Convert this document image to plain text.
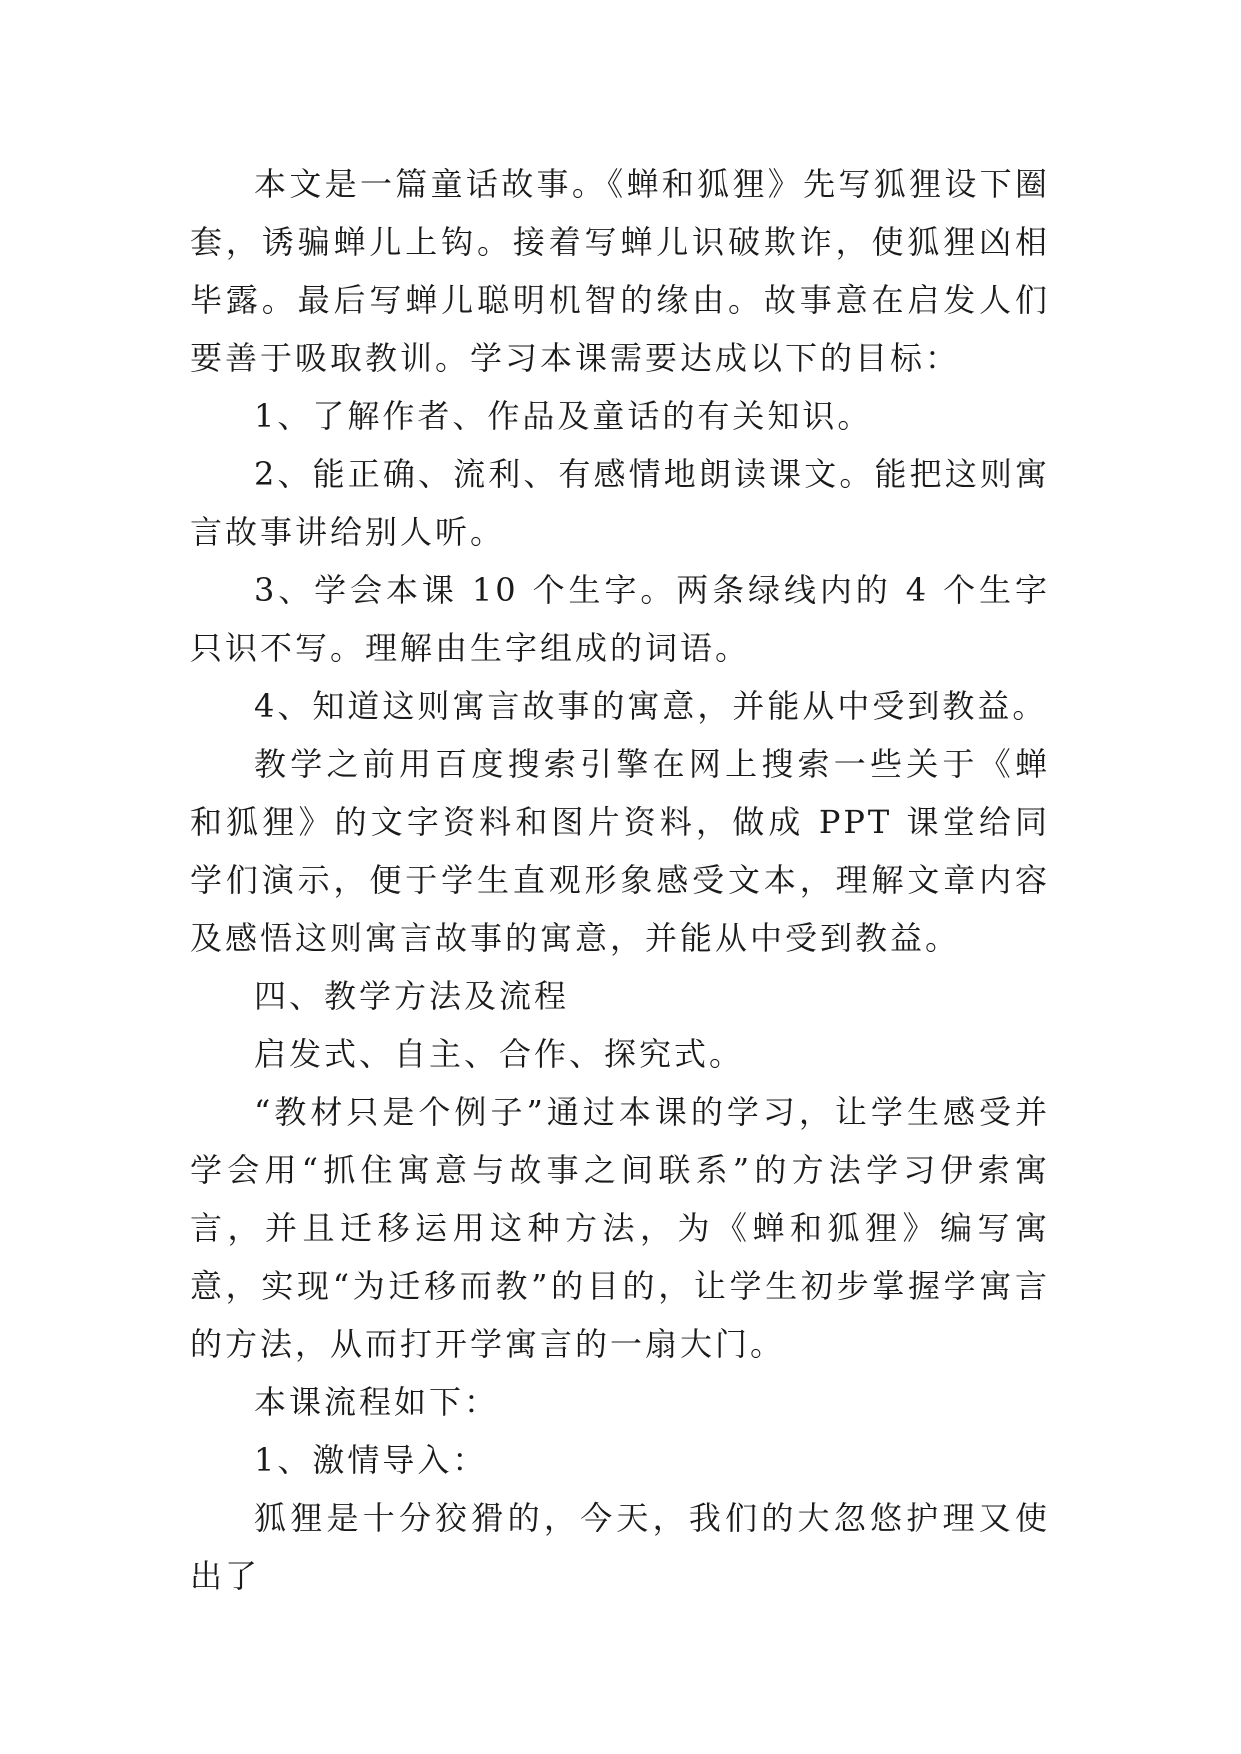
本文是一篇童话故事。《蝉和狐狸》先写狐狸设下圈套，诱骗蝉儿上钩。接着写蝉儿识破欺诈，使狐狸凶相毕露。最后写蝉儿聪明机智的缘由。故事意在启发人们要善于吸取教训。学习本课需要达成以下的目标：

1、了解作者、作品及童话的有关知识。

2、能正确、流利、有感情地朗读课文。能把这则寓言故事讲给别人听。

3、学会本课 10 个生字。两条绿线内的 4 个生字只识不写。理解由生字组成的词语。

4、知道这则寓言故事的寓意，并能从中受到教益。

教学之前用百度搜索引擎在网上搜索一些关于《蝉和狐狸》的文字资料和图片资料，做成 PPT 课堂给同学们演示，便于学生直观形象感受文本，理解文章内容及感悟这则寓言故事的寓意，并能从中受到教益。

四、教学方法及流程

启发式、自主、合作、探究式。

“教材只是个例子”通过本课的学习，让学生感受并学会用“抓住寓意与故事之间联系”的方法学习伊索寓言，并且迁移运用这种方法，为《蝉和狐狸》编写寓意，实现“为迁移而教”的目的，让学生初步掌握学寓言的方法，从而打开学寓言的一扇大门。

本课流程如下：

1、激情导入：

狐狸是十分狡猾的，今天，我们的大忽悠护理又使出了
